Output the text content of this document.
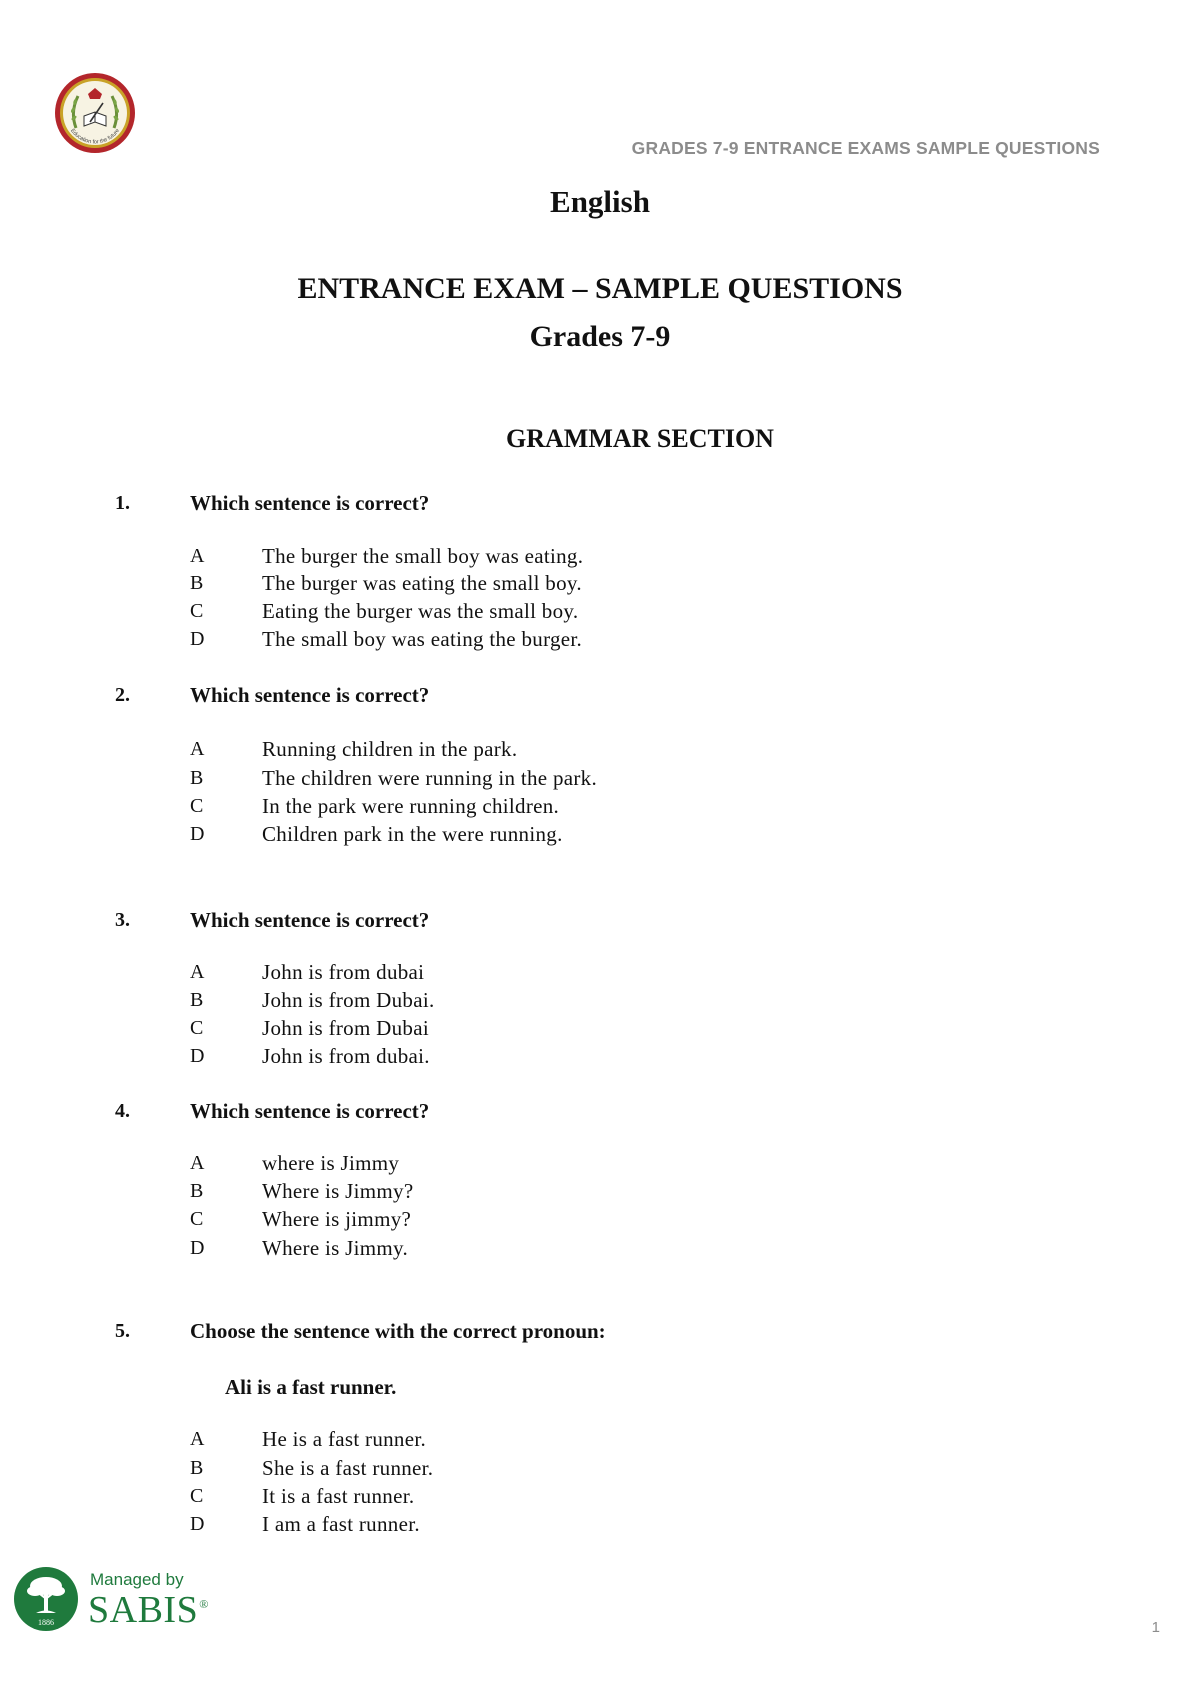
Education for the future
GRADES 7-9 ENTRANCE EXAMS SAMPLE QUESTIONS
English
ENTRANCE EXAM – SAMPLE QUESTIONS
Grades 7-9
GRAMMAR SECTION
1.	Which sentence is correct?
A	The burger the small boy was eating.
B	The burger was eating the small boy.
C	Eating the burger was the small boy.
D	The small boy was eating the burger.
2.	Which sentence is correct?
A	Running children in the park.
B	The children were running in the park.
C	In the park were running children.
D	Children park in the were running.
3.	Which sentence is correct?
A	John is from dubai
B	John is from Dubai.
C	John is from Dubai
D	John is from dubai.
4.	Which sentence is correct?
A	where is Jimmy
B	Where is Jimmy?
C	Where is jimmy?
D	Where is Jimmy.
5.	Choose the sentence with the correct pronoun:
Ali is a fast runner.
A	He is a fast runner.
B	She is a fast runner.
C	It is a fast runner.
D	I am a fast runner.
1886
Managed by
SABIS®
1
